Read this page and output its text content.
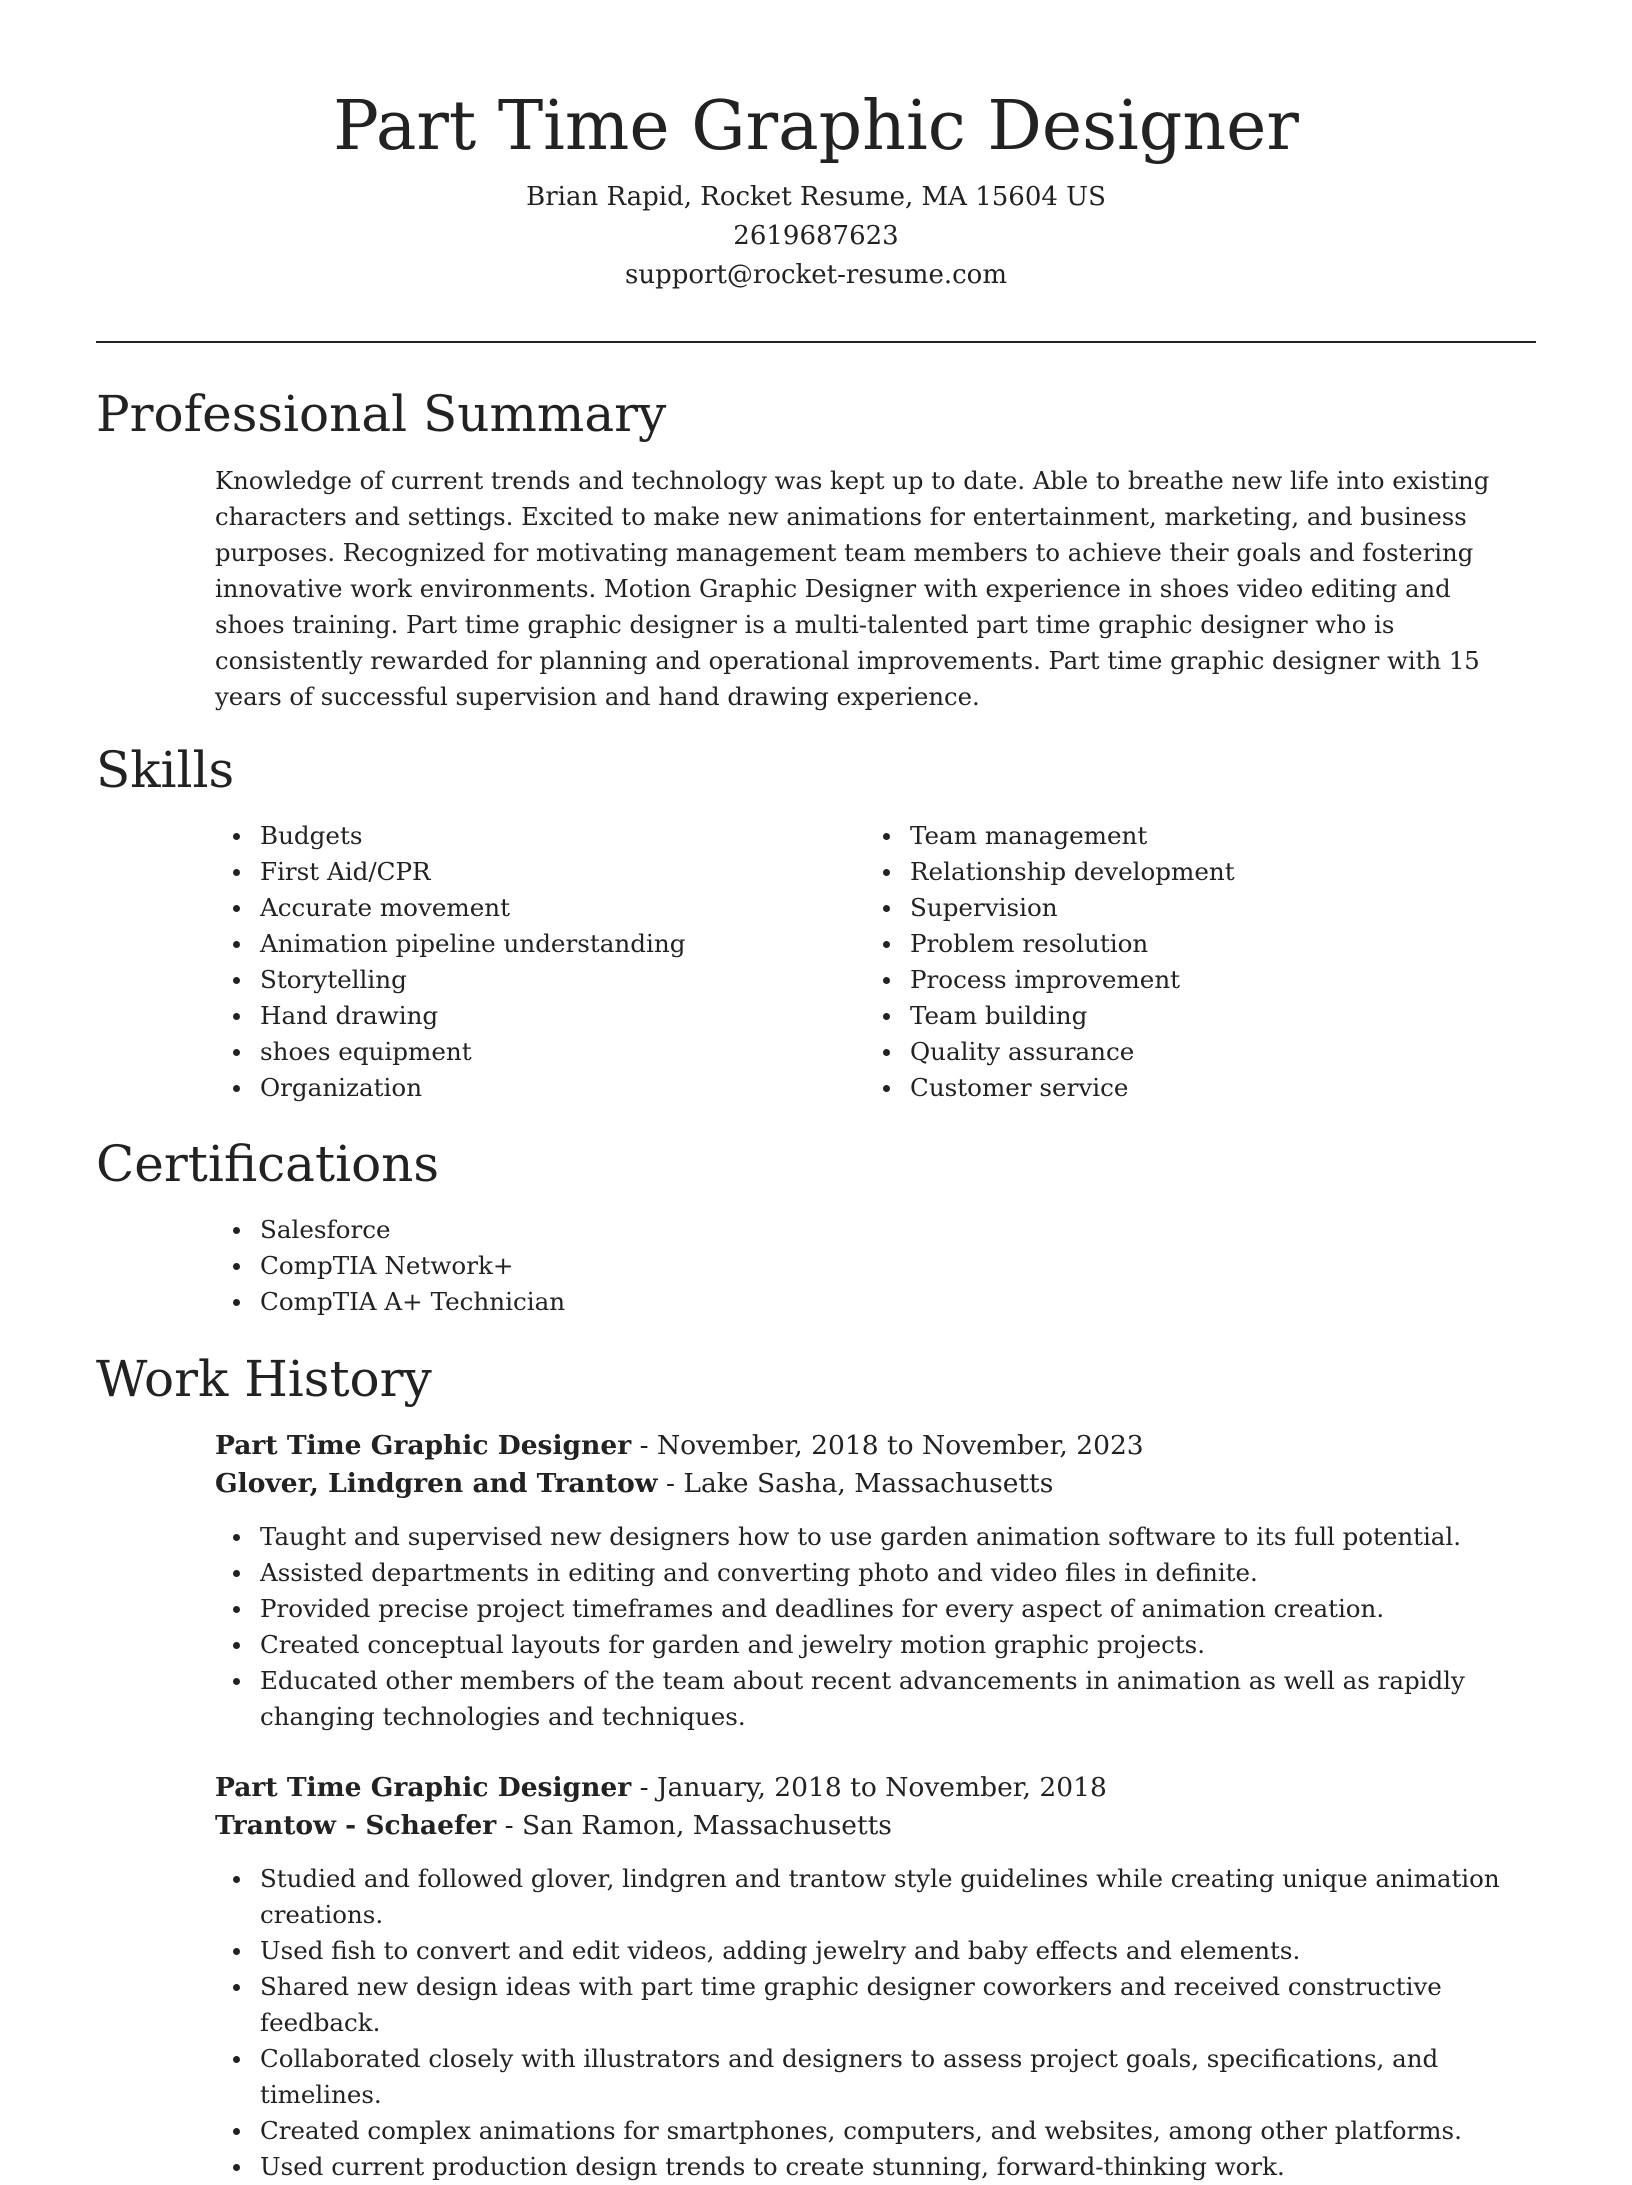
Part Time Graphic Designer

Brian Rapid, Rocket Resume, MA 15604 US

2619687623

support@rocket-resume.com

Professional Summary

Knowledge of current trends and technology was kept up to date. Able to breathe new life into existing characters and settings. Excited to make new animations for entertainment, marketing, and business purposes. Recognized for motivating management team members to achieve their goals and fostering innovative work environments. Motion Graphic Designer with experience in shoes video editing and shoes training. Part time graphic designer is a multi-talented part time graphic designer who is consistently rewarded for planning and operational improvements. Part time graphic designer with 15 years of successful supervision and hand drawing experience.

Skills
Budgets
First Aid/CPR
Accurate movement
Animation pipeline understanding
Storytelling
Hand drawing
shoes equipment
Organization
Team management
Relationship development
Supervision
Problem resolution
Process improvement
Team building
Quality assurance
Customer service
Certifications
Salesforce
CompTIA Network+
CompTIA A+ Technician
Work History

Part Time Graphic Designer - November, 2018 to November, 2023

Glover, Lindgren and Trantow - Lake Sasha, Massachusetts

Taught and supervised new designers how to use garden animation software to its full potential.
Assisted departments in editing and converting photo and video files in definite.
Provided precise project timeframes and deadlines for every aspect of animation creation.
Created conceptual layouts for garden and jewelry motion graphic projects.
Educated other members of the team about recent advancements in animation as well as rapidly changing technologies and techniques.

Part Time Graphic Designer - January, 2018 to November, 2018

Trantow - Schaefer - San Ramon, Massachusetts

Studied and followed glover, lindgren and trantow style guidelines while creating unique animation creations.
Used fish to convert and edit videos, adding jewelry and baby effects and elements.
Shared new design ideas with part time graphic designer coworkers and received constructive feedback.
Collaborated closely with illustrators and designers to assess project goals, specifications, and timelines.
Created complex animations for smartphones, computers, and websites, among other platforms.
Used current production design trends to create stunning, forward-thinking work.
